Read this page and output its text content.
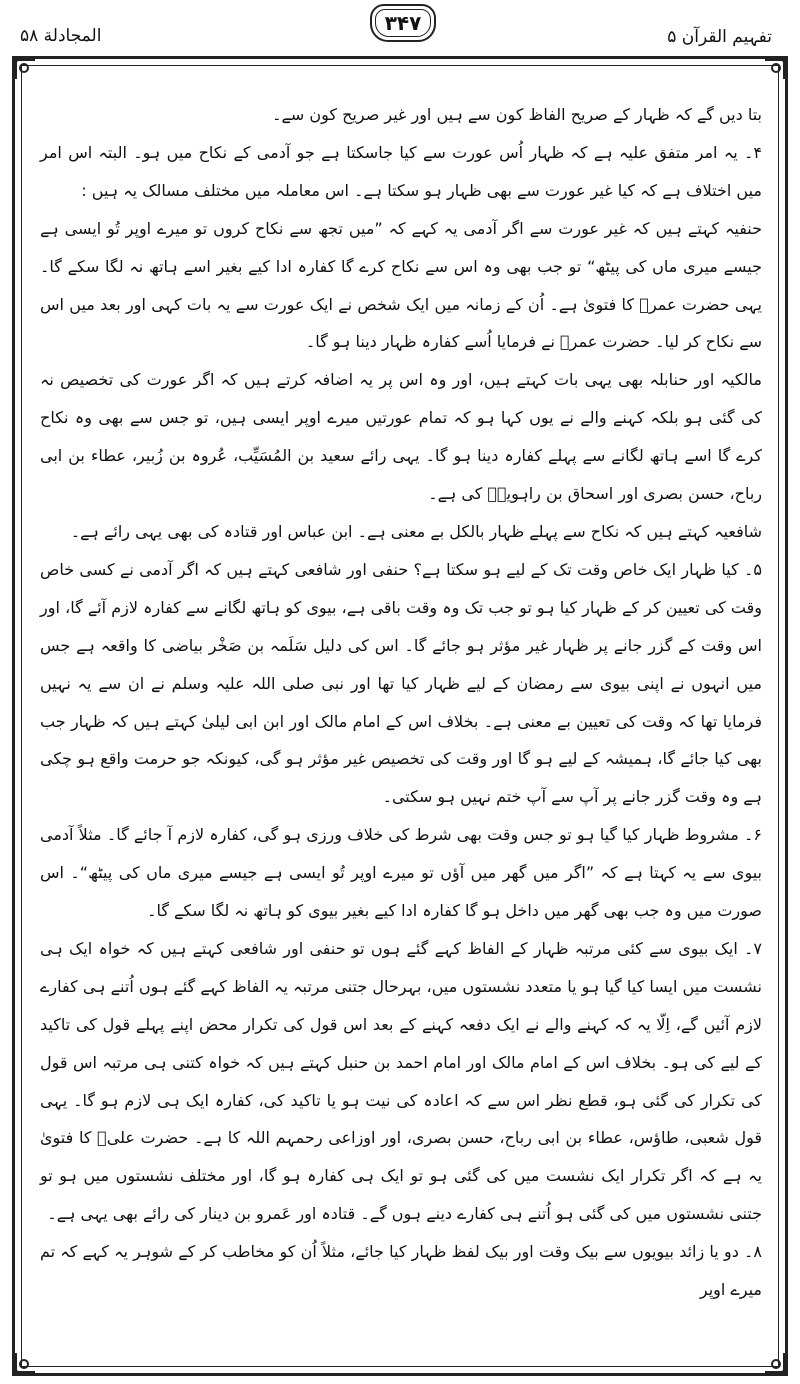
المجادلة ۵۸
۳۴۷
تفہیم القرآن ۵

بتا دیں گے کہ ظہار کے صریح الفاظ کون سے ہیں اور غیر صریح کون سے۔

۴۔ یہ امر متفق علیہ ہے کہ ظہار اُس عورت سے کیا جاسکتا ہے جو آدمی کے نکاح میں ہو۔ البتہ اس امر میں اختلاف ہے کہ کیا غیر عورت سے بھی ظہار ہو سکتا ہے۔ اس معاملہ میں مختلف مسالک یہ ہیں :

حنفیہ کہتے ہیں کہ غیر عورت سے اگر آدمی یہ کہے کہ ”میں تجھ سے نکاح کروں تو میرے اوپر تُو ایسی ہے جیسے میری ماں کی پیٹھ“ تو جب بھی وہ اس سے نکاح کرے گا کفارہ ادا کیے بغیر اسے ہاتھ نہ لگا سکے گا۔ یہی حضرت عمرؓ کا فتویٰ ہے۔ اُن کے زمانہ میں ایک شخص نے ایک عورت سے یہ بات کہی اور بعد میں اس سے نکاح کر لیا۔ حضرت عمرؓ نے فرمایا اُسے کفارہ ظہار دینا ہو گا۔

مالکیہ اور حنابلہ بھی یہی بات کہتے ہیں، اور وہ اس پر یہ اضافہ کرتے ہیں کہ اگر عورت کی تخصیص نہ کی گئی ہو بلکہ کہنے والے نے یوں کہا ہو کہ تمام عورتیں میرے اوپر ایسی ہیں، تو جس سے بھی وہ نکاح کرے گا اسے ہاتھ لگانے سے پہلے کفارہ دینا ہو گا۔ یہی رائے سعید بن المُسَیِّب، عُروہ بن زُبیر، عطاء بن ابی رباح، حسن بصری اور اسحاق بن راہویہؒ کی ہے۔

شافعیہ کہتے ہیں کہ نکاح سے پہلے ظہار بالکل بے معنی ہے۔ ابن عباس اور قتادہ کی بھی یہی رائے ہے۔

۵۔ کیا ظہار ایک خاص وقت تک کے لیے ہو سکتا ہے؟ حنفی اور شافعی کہتے ہیں کہ اگر آدمی نے کسی خاص وقت کی تعیین کر کے ظہار کیا ہو تو جب تک وہ وقت باقی ہے، بیوی کو ہاتھ لگانے سے کفارہ لازم آئے گا، اور اس وقت کے گزر جانے پر ظہار غیر مؤثر ہو جائے گا۔ اس کی دلیل سَلَمہ بن صَخْر بیاضی کا واقعہ ہے جس میں انہوں نے اپنی بیوی سے رمضان کے لیے ظہار کیا تھا اور نبی صلی اللہ علیہ وسلم نے ان سے یہ نہیں فرمایا تھا کہ وقت کی تعیین بے معنی ہے۔ بخلاف اس کے امام مالک اور ابن ابی لیلیٰ کہتے ہیں کہ ظہار جب بھی کیا جائے گا، ہمیشہ کے لیے ہو گا اور وقت کی تخصیص غیر مؤثر ہو گی، کیونکہ جو حرمت واقع ہو چکی ہے وہ وقت گزر جانے پر آپ سے آپ ختم نہیں ہو سکتی۔

۶۔ مشروط ظہار کیا گیا ہو تو جس وقت بھی شرط کی خلاف ورزی ہو گی، کفارہ لازم آ جائے گا۔ مثلاً آدمی بیوی سے یہ کہتا ہے کہ ”اگر میں گھر میں آؤں تو میرے اوپر تُو ایسی ہے جیسے میری ماں کی پیٹھ“۔ اس صورت میں وہ جب بھی گھر میں داخل ہو گا کفارہ ادا کیے بغیر بیوی کو ہاتھ نہ لگا سکے گا۔

۷۔ ایک بیوی سے کئی مرتبہ ظہار کے الفاظ کہے گئے ہوں تو حنفی اور شافعی کہتے ہیں کہ خواہ ایک ہی نشست میں ایسا کیا گیا ہو یا متعدد نشستوں میں، بہرحال جتنی مرتبہ یہ الفاظ کہے گئے ہوں اُتنے ہی کفارے لازم آئیں گے، اِلّا یہ کہ کہنے والے نے ایک دفعہ کہنے کے بعد اس قول کی تکرار محض اپنے پہلے قول کی تاکید کے لیے کی ہو۔ بخلاف اس کے امام مالک اور امام احمد بن حنبل کہتے ہیں کہ خواہ کتنی ہی مرتبہ اس قول کی تکرار کی گئی ہو، قطع نظر اس سے کہ اعادہ کی نیت ہو یا تاکید کی، کفارہ ایک ہی لازم ہو گا۔ یہی قول شعبی، طاؤس، عطاء بن ابی رباح، حسن بصری، اور اوزاعی رحمہم اللہ کا ہے۔ حضرت علیؓ کا فتویٰ یہ ہے کہ اگر تکرار ایک نشست میں کی گئی ہو تو ایک ہی کفارہ ہو گا، اور مختلف نشستوں میں ہو تو جتنی نشستوں میں کی گئی ہو اُتنے ہی کفارے دینے ہوں گے۔ قتادہ اور عَمرو بن دینار کی رائے بھی یہی ہے۔

۸۔ دو یا زائد بیویوں سے بیک وقت اور بیک لفظ ظہار کیا جائے، مثلاً اُن کو مخاطب کر کے شوہر یہ کہے کہ تم میرے اوپر
